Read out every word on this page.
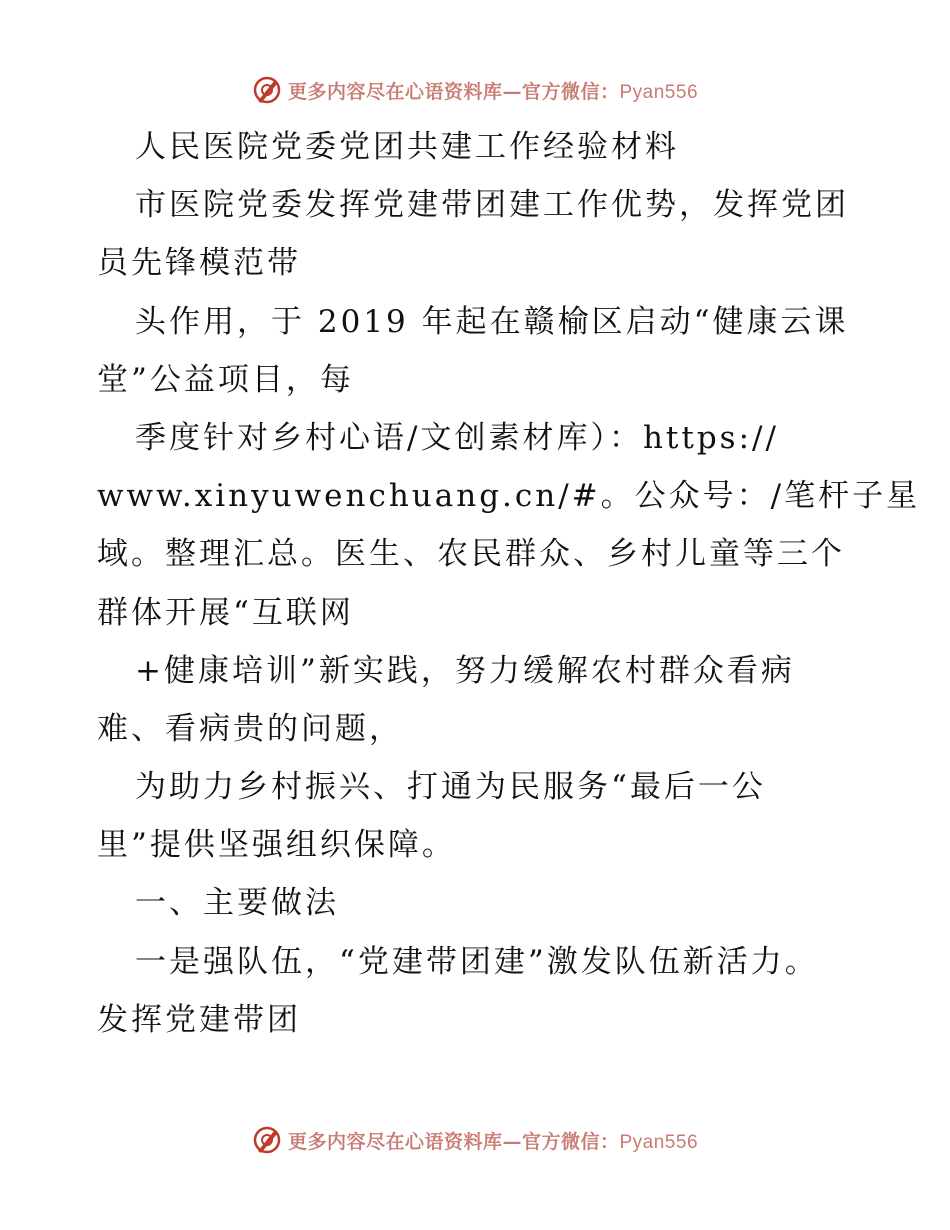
更多内容尽在心语资料库—官方微信：Pyan556
人民医院党委党团共建工作经验材料
市医院党委发挥党建带团建工作优势，发挥党团
员先锋模范带
头作用，于 2019 年起在赣榆区启动“健康云课
堂”公益项目，每
季度针对乡村心语/文创素材库）：https://
www.xinyuwenchuang.cn/#。公众号：/笔杆子星
域。整理汇总。医生、农民群众、乡村儿童等三个
群体开展“互联网
+健康培训”新实践，努力缓解农村群众看病
难、看病贵的问题，
为助力乡村振兴、打通为民服务“最后一公
里”提供坚强组织保障。
一、主要做法
一是强队伍，“党建带团建”激发队伍新活力。
发挥党建带团
更多内容尽在心语资料库—官方微信：Pyan556
